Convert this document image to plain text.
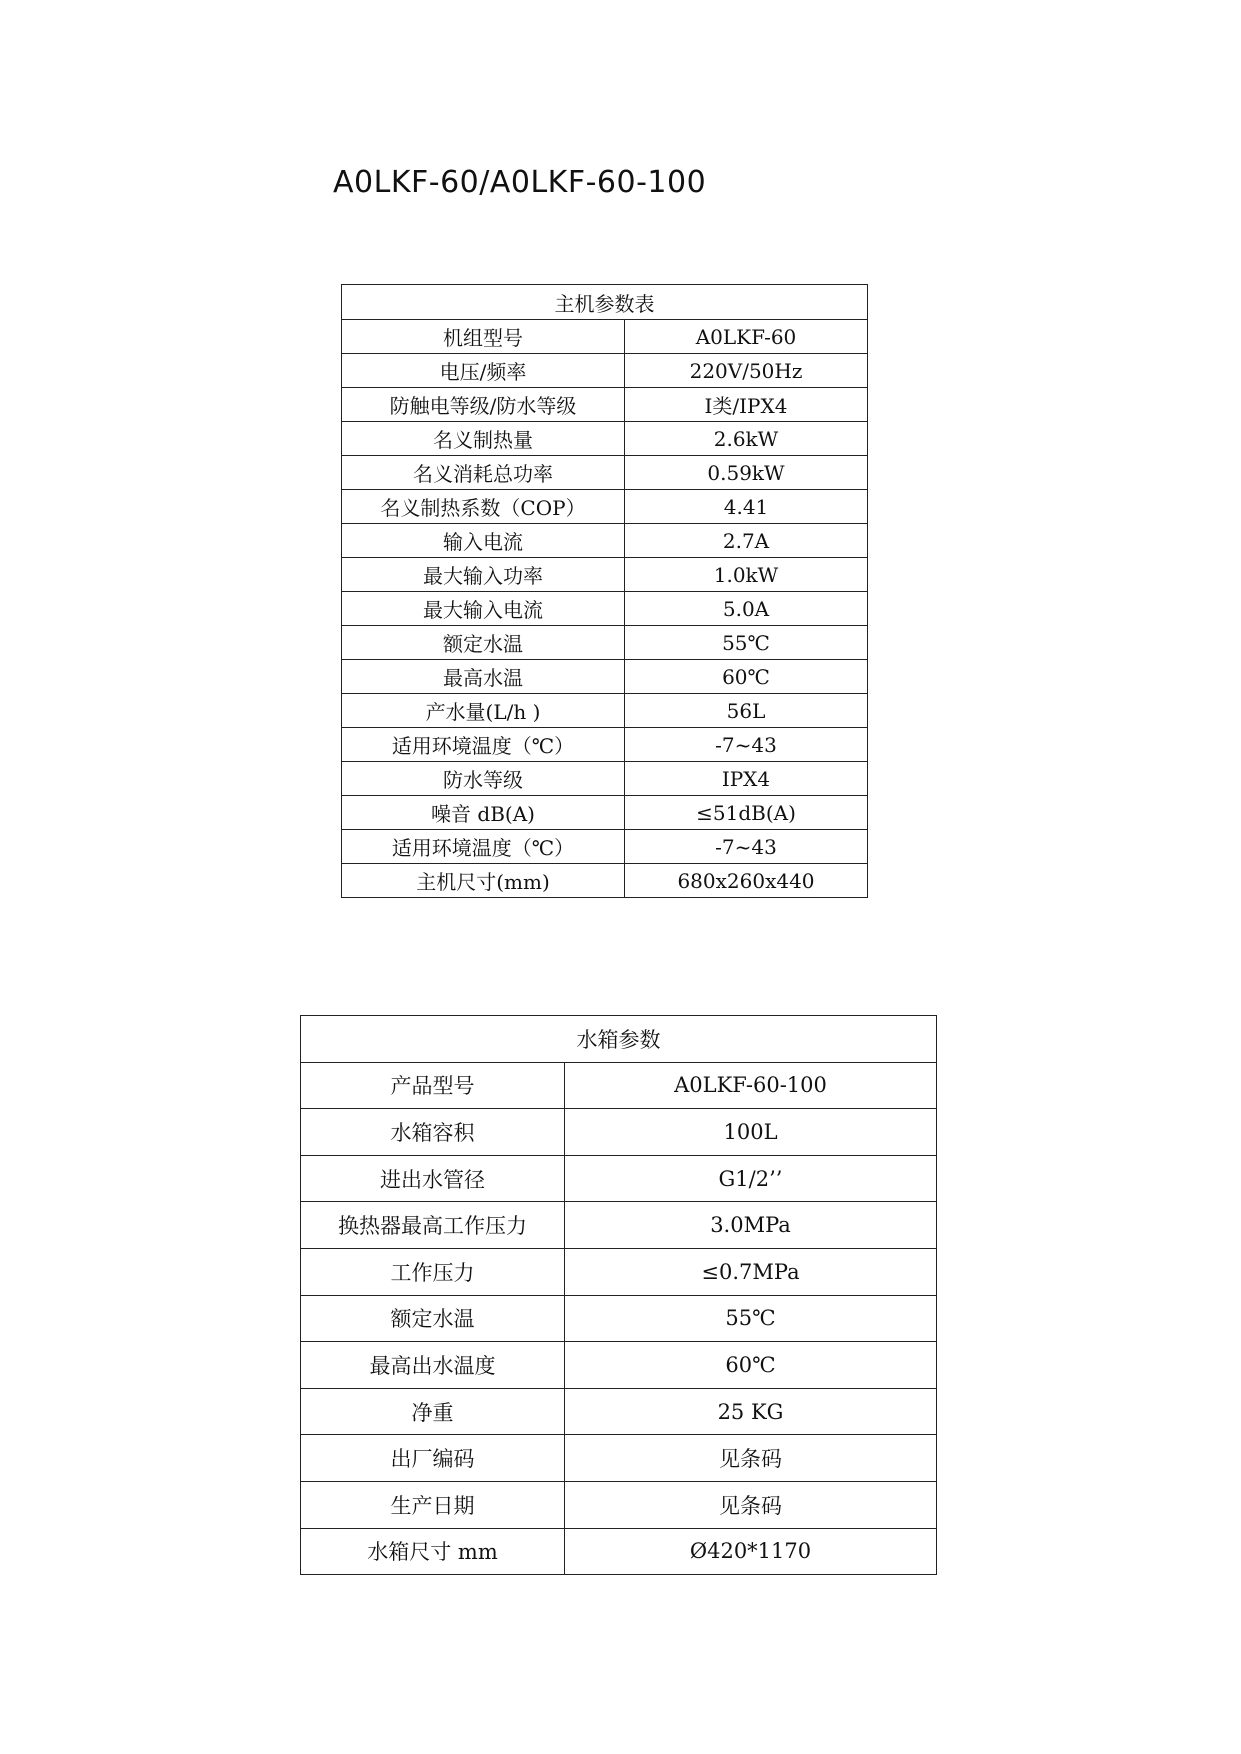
A0LKF-60/A0LKF-60-100
主机参数表	
机组型号	A0LKF-60
电压/频率	220V/50Hz
防触电等级/防水等级	I类/IPX4
名义制热量	2.6kW
名义消耗总功率	0.59kW
名义制热系数（COP）	4.41
输入电流	2.7A
最大输入功率	1.0kW
最大输入电流	5.0A
额定水温	55℃
最高水温	60℃
产水量(L/h )	56L
适用环境温度（℃）	-7~43
防水等级	IPX4
噪音 dB(A)	≤51dB(A)
适用环境温度（℃）	-7~43
主机尺寸(mm)	680x260x440
水箱参数	
产品型号	A0LKF-60-100
水箱容积	100L
进出水管径	G1/2’’
换热器最高工作压力	3.0MPa
工作压力	≤0.7MPa
额定水温	55℃
最高出水温度	60℃
净重	25 KG
出厂编码	见条码
生产日期	见条码
水箱尺寸 mm	Ø420*1170
